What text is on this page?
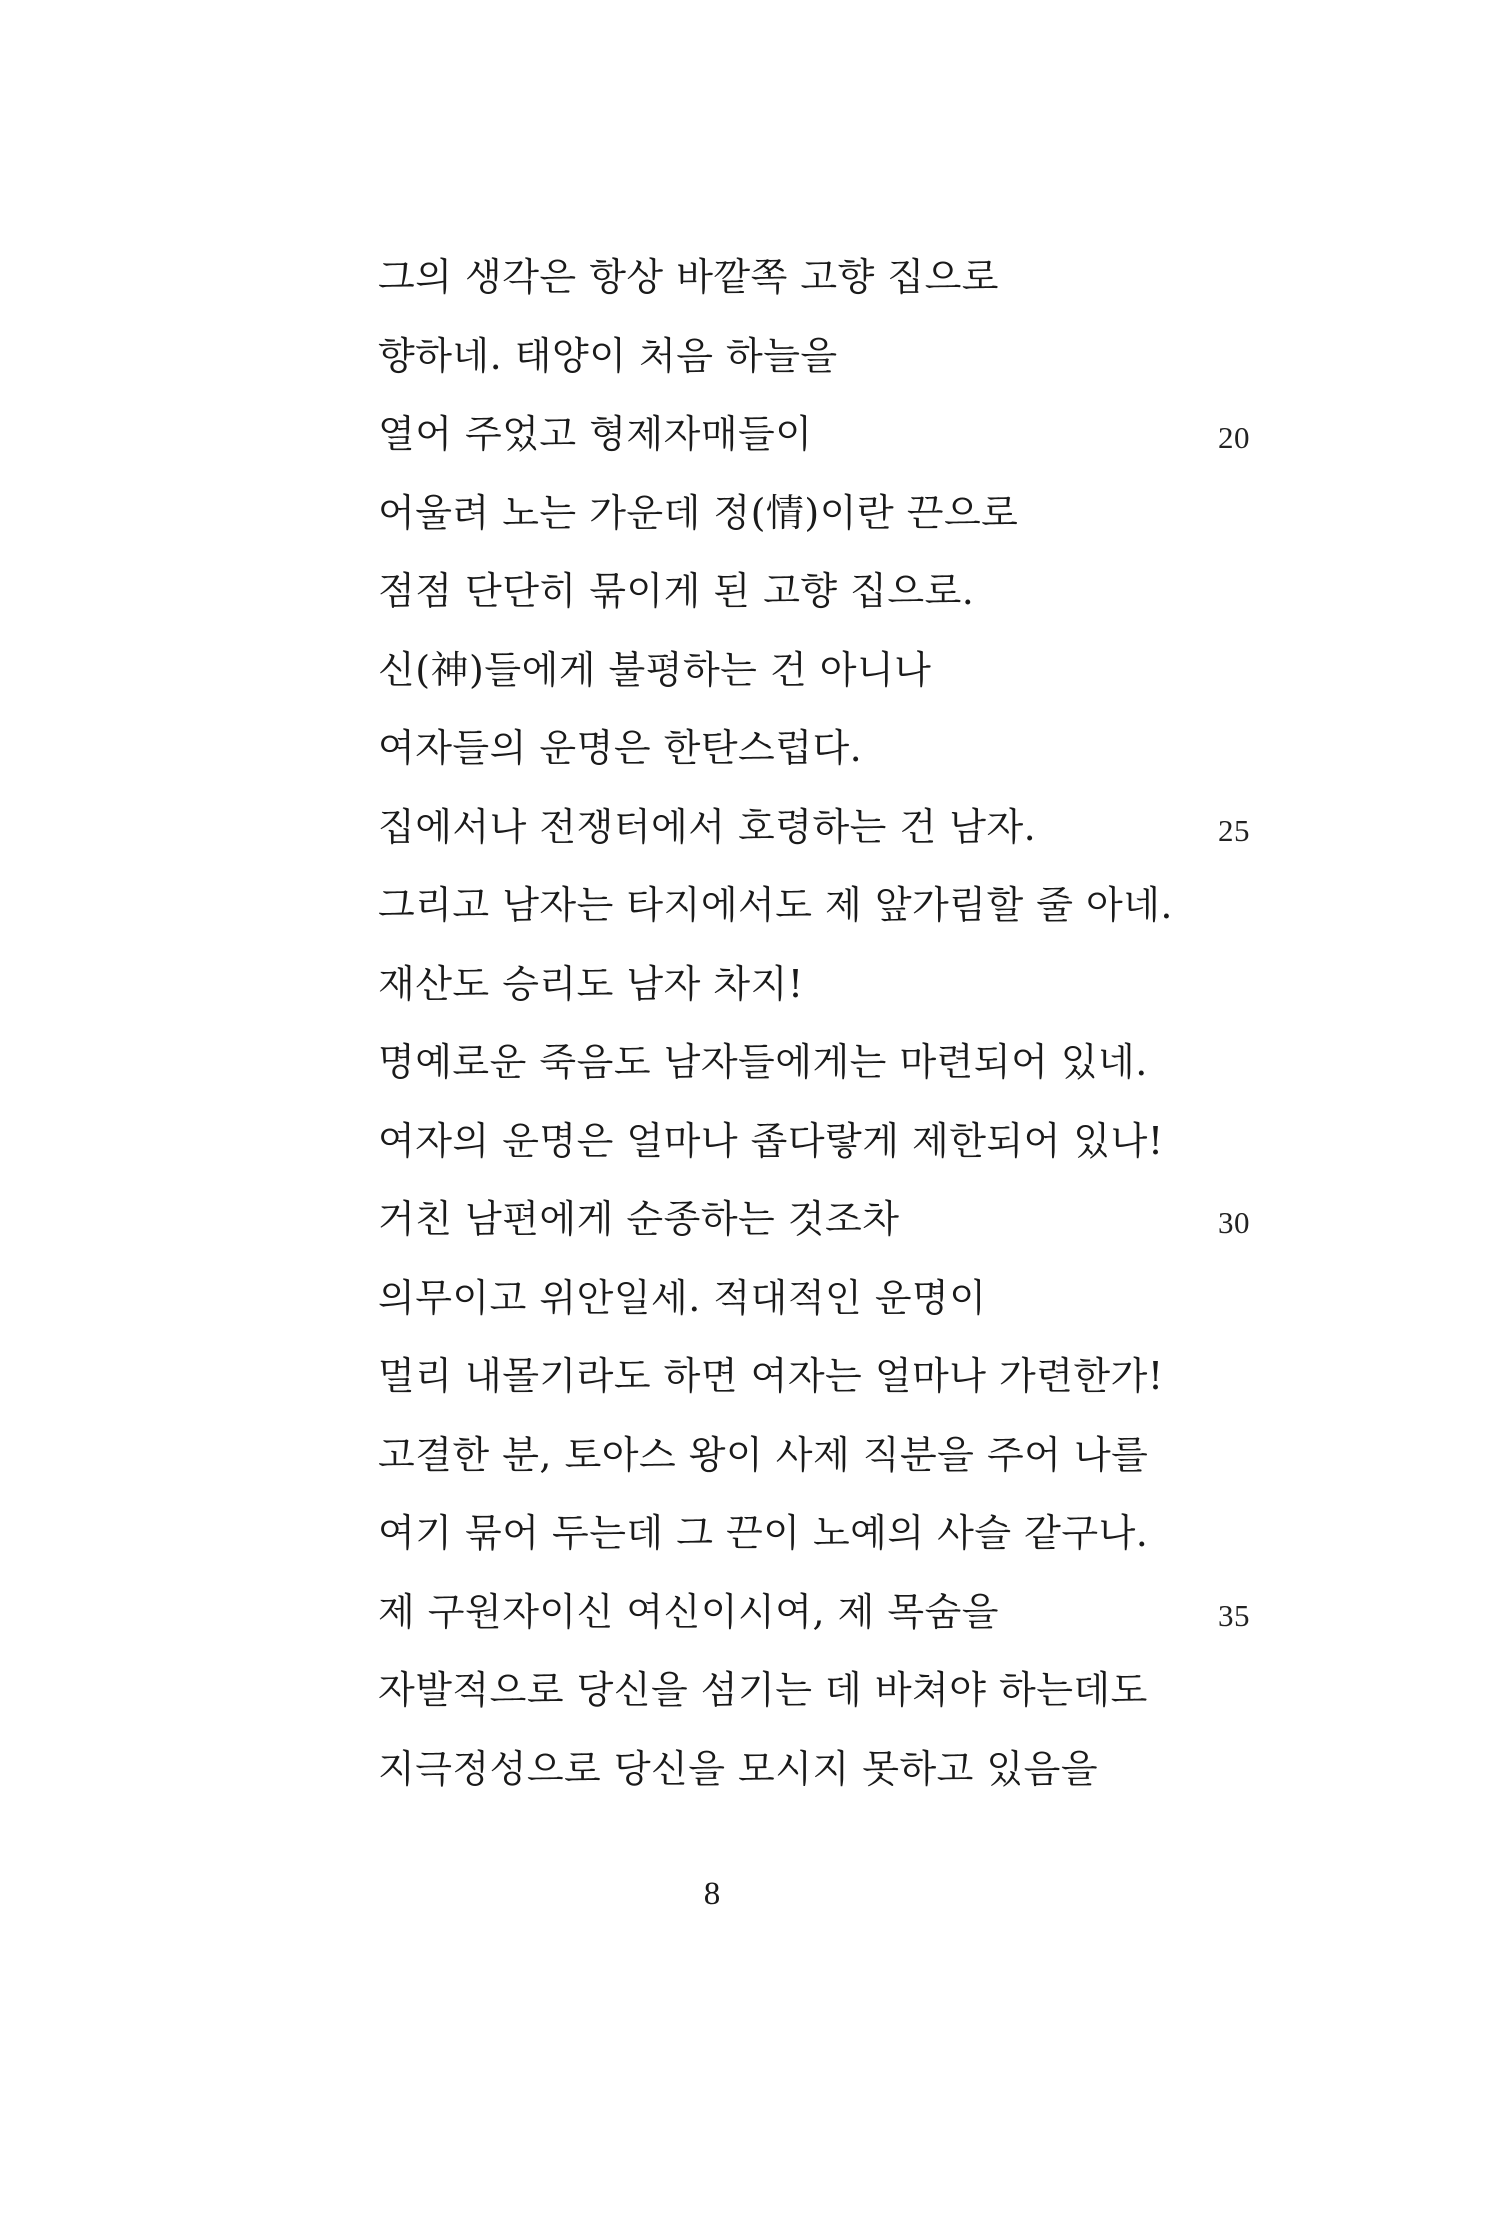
그의 생각은 항상 바깥쪽 고향 집으로
향하네. 태양이 처음 하늘을
열어 주었고 형제자매들이	20
어울려 노는 가운데 정(情)이란 끈으로
점점 단단히 묶이게 된 고향 집으로.
신(神)들에게 불평하는 건 아니나
여자들의 운명은 한탄스럽다.
집에서나 전쟁터에서 호령하는 건 남자.	25
그리고 남자는 타지에서도 제 앞가림할 줄 아네.
재산도 승리도 남자 차지!
명예로운 죽음도 남자들에게는 마련되어 있네.
여자의 운명은 얼마나 좁다랗게 제한되어 있나!
거친 남편에게 순종하는 것조차	30
의무이고 위안일세. 적대적인 운명이
멀리 내몰기라도 하면 여자는 얼마나 가련한가!
고결한 분, 토아스 왕이 사제 직분을 주어 나를
여기 묶어 두는데 그 끈이 노예의 사슬 같구나.
제 구원자이신 여신이시여, 제 목숨을	35
자발적으로 당신을 섬기는 데 바쳐야 하는데도
지극정성으로 당신을 모시지 못하고 있음을
8
